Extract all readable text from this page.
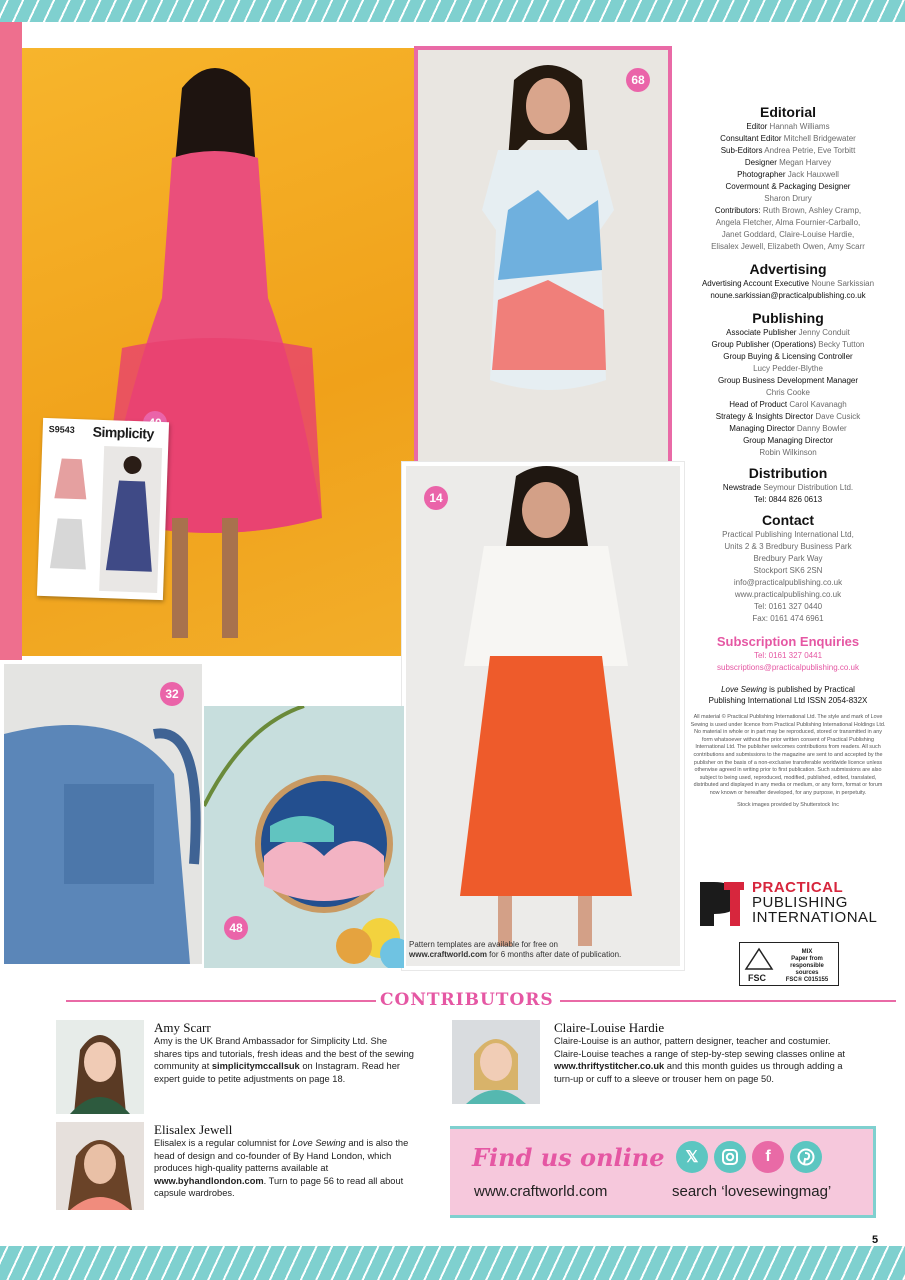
S9543 Simplicity
68
14
Pattern templates are available for free on
www.craftworld.com for 6 months after date of publication.
32
48
Editorial

Editor Hannah Williams

Consultant Editor Mitchell Bridgewater

Sub-Editors Andrea Petrie, Eve Torbitt

Designer Megan Harvey

Photographer Jack Hauxwell

Covermount & Packaging Designer

Sharon Drury

Contributors: Ruth Brown, Ashley Cramp,

Angela Fletcher, Alma Fournier-Carballo,

Janet Goddard, Claire-Louise Hardie,

Elisalex Jewell, Elizabeth Owen, Amy Scarr

Advertising

Advertising Account Executive Noune Sarkissian

noune.sarkissian@practicalpublishing.co.uk

Publishing

Associate Publisher Jenny Conduit

Group Publisher (Operations) Becky Tutton

Group Buying & Licensing Controller

Lucy Pedder-Blythe

Group Business Development Manager

Chris Cooke

Head of Product Carol Kavanagh

Strategy & Insights Director Dave Cusick

Managing Director Danny Bowler

Group Managing Director

Robin Wilkinson

Distribution

Newstrade Seymour Distribution Ltd.

Tel: 0844 826 0613

Contact

Practical Publishing International Ltd,

Units 2 & 3 Bredbury Business Park

Bredbury Park Way

Stockport SK6 2SN

info@practicalpublishing.co.uk

www.practicalpublishing.co.uk

Tel: 0161 327 0440

Fax: 0161 474 6961

Subscription Enquiries

Tel: 0161 327 0441

subscriptions@practicalpublishing.co.uk

Love Sewing is published by Practical
Publishing International Ltd ISSN 2054-832X
All material © Practical Publishing International Ltd. The style and mark of Love Sewing is used under licence from Practical Publishing International Holdings Ltd. No material in whole or in part may be reproduced, stored or transmitted in any form whatsoever without the prior written consent of Practical Publishing International Ltd. The publisher welcomes contributions from readers. All such contributions and submissions to the magazine are sent to and accepted by the publisher on the basis of a non-exclusive transferable worldwide licence unless otherwise agreed in writing prior to first publication. Such submissions are also subject to being used, reproduced, modified, published, edited, translated, distributed and displayed in any media or medium, or any form, format or forum now known or hereafter developed, for any purpose, in perpetuity.

Stock images provided by Shutterstock Inc
PRACTICAL
PUBLISHING
INTERNATIONAL
FSC
MIX
Paper from
responsible sources
FSC® C015155
CONTRIBUTORS
Amy Scarr
Amy is the UK Brand Ambassador for Simplicity Ltd. She shares tips and tutorials, fresh ideas and the best of the sewing community at simplicitymccallsuk on Instagram. Read her expert guide to petite adjustments on page 18.
Claire-Louise Hardie
Claire-Louise is an author, pattern designer, teacher and costumier. Claire-Louise teaches a range of step-by-step sewing classes online at www.thriftystitcher.co.uk and this month guides us through adding a turn-up or cuff to a sleeve or trouser hem on page 50.
Elisalex Jewell
Elisalex is a regular columnist for Love Sewing and is also the head of design and co-founder of By Hand London, which produces high-quality patterns available at www.byhandlondon.com. Turn to page 56 to read all about capsule wardrobes.
Find us online
www.craftworld.com	search ‘lovesewingmag’
𝕏	f
5
